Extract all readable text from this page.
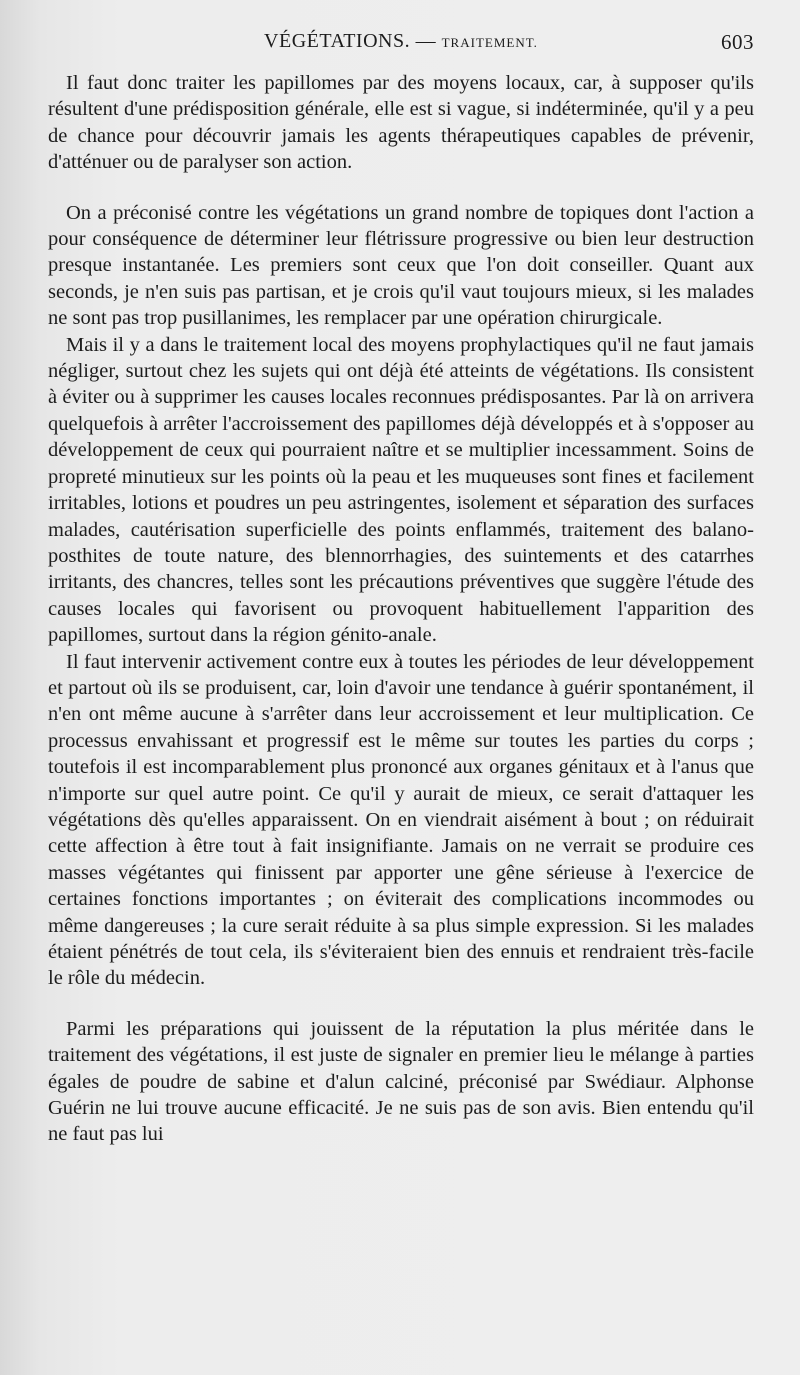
VÉGÉTATIONS. — TRAITEMENT.	603

Il faut donc traiter les papillomes par des moyens locaux, car, à supposer qu'ils résultent d'une prédisposition générale, elle est si vague, si indéterminée, qu'il y a peu de chance pour découvrir jamais les agents thérapeutiques capables de prévenir, d'atténuer ou de paralyser son action.

On a préconisé contre les végétations un grand nombre de topiques dont l'action a pour conséquence de déterminer leur flétrissure progressive ou bien leur destruction presque instantanée. Les premiers sont ceux que l'on doit conseiller. Quant aux seconds, je n'en suis pas partisan, et je crois qu'il vaut toujours mieux, si les malades ne sont pas trop pusillanimes, les remplacer par une opération chirurgicale.

Mais il y a dans le traitement local des moyens prophylactiques qu'il ne faut jamais négliger, surtout chez les sujets qui ont déjà été atteints de végétations. Ils consistent à éviter ou à supprimer les causes locales reconnues prédisposantes. Par là on arrivera quelquefois à arrêter l'accroissement des papillomes déjà développés et à s'opposer au développement de ceux qui pourraient naître et se multiplier incessamment. Soins de propreté minutieux sur les points où la peau et les muqueuses sont fines et facilement irritables, lotions et poudres un peu astringentes, isolement et séparation des surfaces malades, cautérisation superficielle des points enflammés, traitement des balano-posthites de toute nature, des blennorrhagies, des suintements et des catarrhes irritants, des chancres, telles sont les précautions préventives que suggère l'étude des causes locales qui favorisent ou provoquent habituellement l'apparition des papillomes, surtout dans la région génito-anale.

Il faut intervenir activement contre eux à toutes les périodes de leur développement et partout où ils se produisent, car, loin d'avoir une tendance à guérir spontanément, il n'en ont même aucune à s'arrêter dans leur accroissement et leur multiplication. Ce processus envahissant et progressif est le même sur toutes les parties du corps ; toutefois il est incomparablement plus prononcé aux organes génitaux et à l'anus que n'importe sur quel autre point. Ce qu'il y aurait de mieux, ce serait d'attaquer les végétations dès qu'elles apparaissent. On en viendrait aisément à bout ; on réduirait cette affection à être tout à fait insignifiante. Jamais on ne verrait se produire ces masses végétantes qui finissent par apporter une gêne sérieuse à l'exercice de certaines fonctions importantes ; on éviterait des complications incommodes ou même dangereuses ; la cure serait réduite à sa plus simple expression. Si les malades étaient pénétrés de tout cela, ils s'éviteraient bien des ennuis et rendraient très-facile le rôle du médecin.

Parmi les préparations qui jouissent de la réputation la plus méritée dans le traitement des végétations, il est juste de signaler en premier lieu le mélange à parties égales de poudre de sabine et d'alun calciné, préconisé par Swédiaur. Alphonse Guérin ne lui trouve aucune efficacité. Je ne suis pas de son avis. Bien entendu qu'il ne faut pas lui
